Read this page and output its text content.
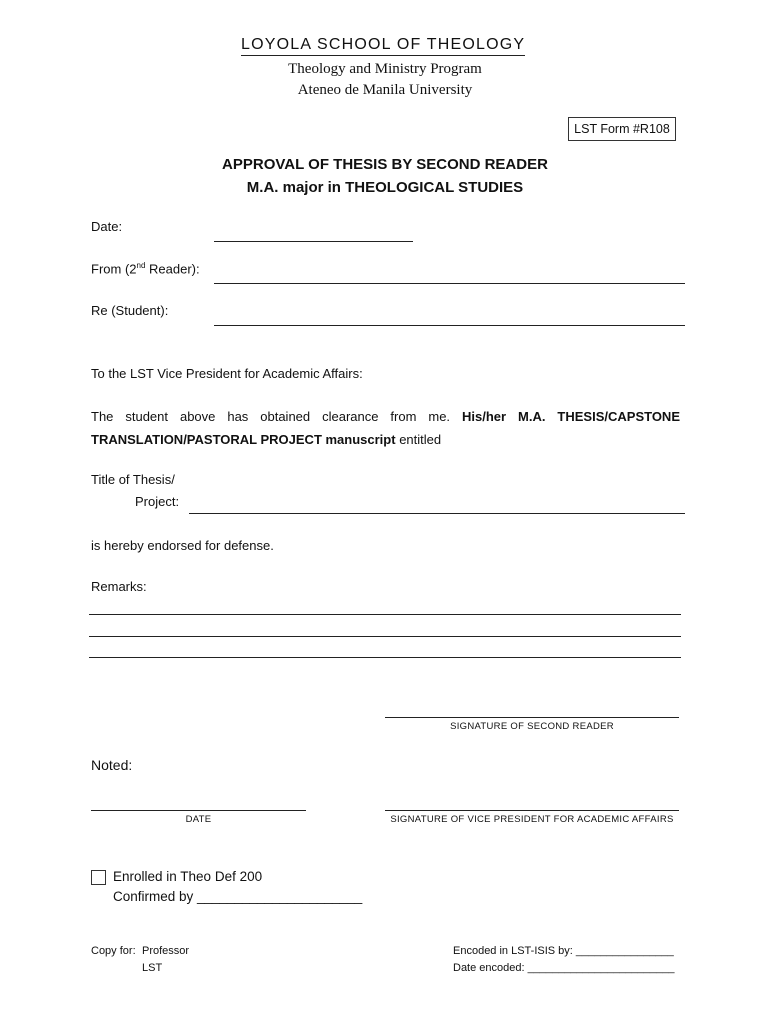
LOYOLA SCHOOL OF THEOLOGY
Theology and Ministry Program
Ateneo de Manila University
LST Form #R108
APPROVAL OF THESIS BY SECOND READER
M.A. major in THEOLOGICAL STUDIES
Date:
From (2nd Reader):
Re (Student):
To the LST Vice President for Academic Affairs:
The student above has obtained clearance from me. His/her M.A. THESIS/CAPSTONE TRANSLATION/PASTORAL PROJECT manuscript entitled
Title of Thesis/
Project:
is hereby endorsed for defense.
Remarks:
SIGNATURE OF SECOND READER
Noted:
DATE	SIGNATURE OF VICE PRESIDENT FOR ACADEMIC AFFAIRS
Enrolled in Theo Def 200
Confirmed by ______________________
Copy for: Professor
LST
Encoded in LST-ISIS by: ________________
Date encoded: ________________________
